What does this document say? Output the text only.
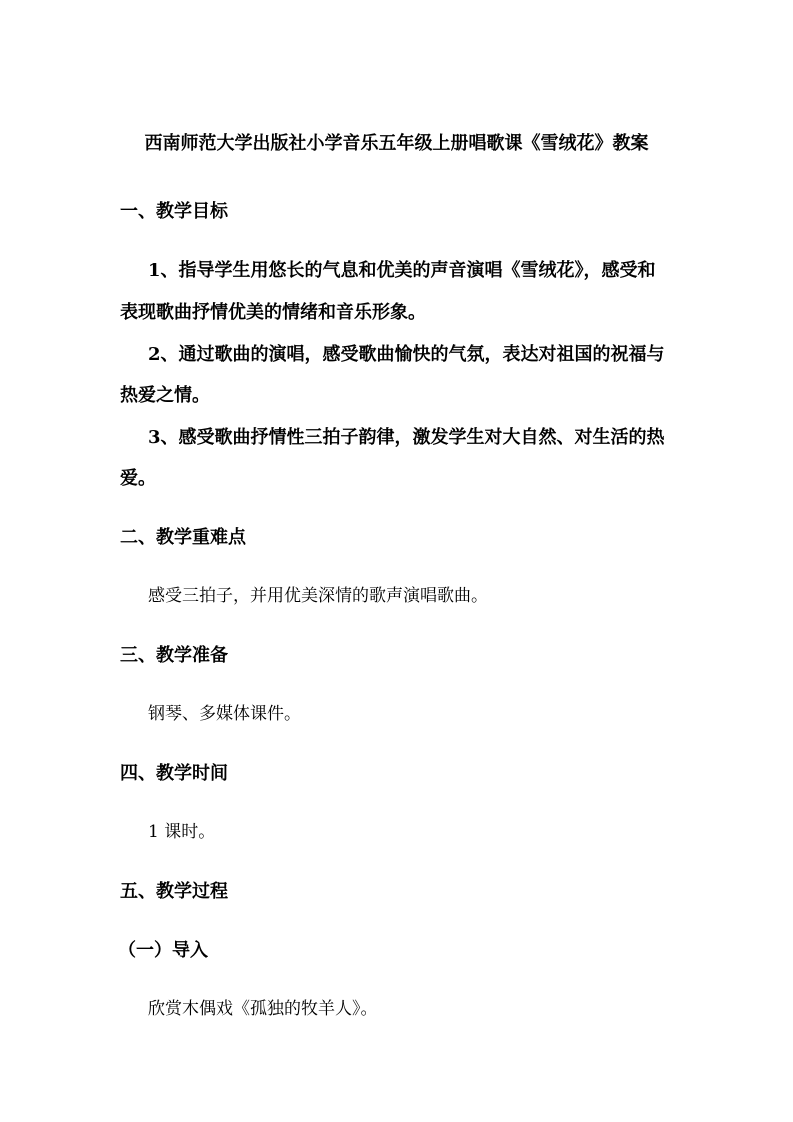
西南师范大学出版社小学音乐五年级上册唱歌课《雪绒花》教案
一、教学目标
1、指导学生用悠长的气息和优美的声音演唱《雪绒花》，感受和
表现歌曲抒情优美的情绪和音乐形象。
2、通过歌曲的演唱，感受歌曲愉快的气氛，表达对祖国的祝福与
热爱之情。
3、感受歌曲抒情性三拍子韵律，激发学生对大自然、对生活的热
爱。
二、教学重难点
感受三拍子，并用优美深情的歌声演唱歌曲。
三、教学准备
钢琴、多媒体课件。
四、教学时间
1 课时。
五、教学过程
（一）导入
欣赏木偶戏《孤独的牧羊人》。
